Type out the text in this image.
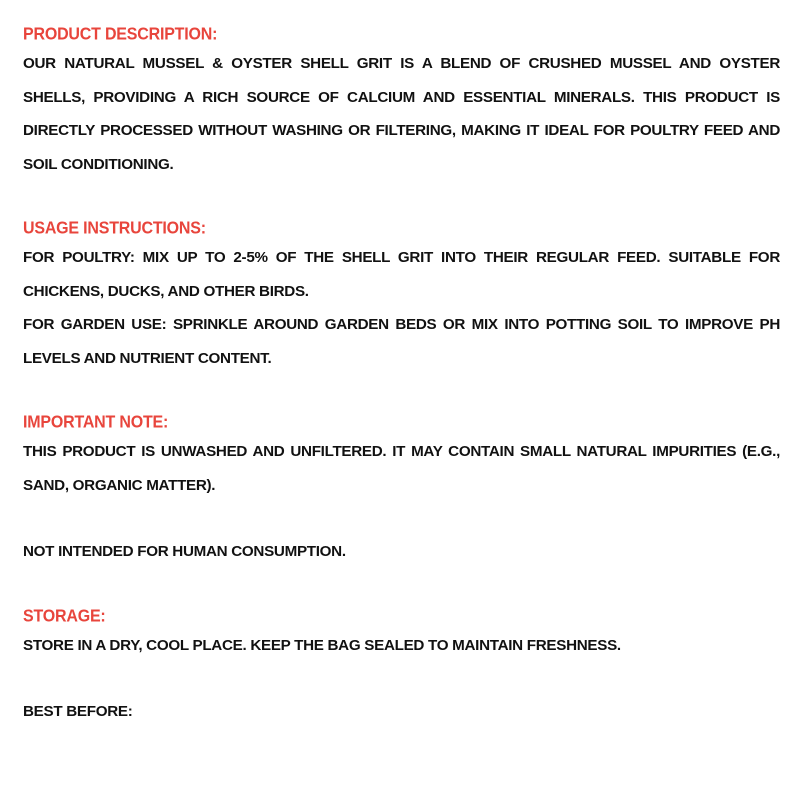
PRODUCT DESCRIPTION:

OUR NATURAL MUSSEL & OYSTER SHELL GRIT IS A BLEND OF CRUSHED MUSSEL AND OYSTER SHELLS, PROVIDING A RICH SOURCE OF CALCIUM AND ESSENTIAL MINERALS. THIS PRODUCT IS DIRECTLY PROCESSED WITHOUT WASHING OR FILTERING, MAKING IT IDEAL FOR POULTRY FEED AND SOIL CONDITIONING.

USAGE INSTRUCTIONS:

FOR POULTRY: MIX UP TO 2-5% OF THE SHELL GRIT INTO THEIR REGULAR FEED. SUITABLE FOR CHICKENS, DUCKS, AND OTHER BIRDS.

FOR GARDEN USE: SPRINKLE AROUND GARDEN BEDS OR MIX INTO POTTING SOIL TO IMPROVE PH LEVELS AND NUTRIENT CONTENT.

IMPORTANT NOTE:

THIS PRODUCT IS UNWASHED AND UNFILTERED. IT MAY CONTAIN SMALL NATURAL IMPURITIES (E.G., SAND, ORGANIC MATTER).

NOT INTENDED FOR HUMAN CONSUMPTION.

STORAGE:

STORE IN A DRY, COOL PLACE. KEEP THE BAG SEALED TO MAINTAIN FRESHNESS.

BEST BEFORE:
